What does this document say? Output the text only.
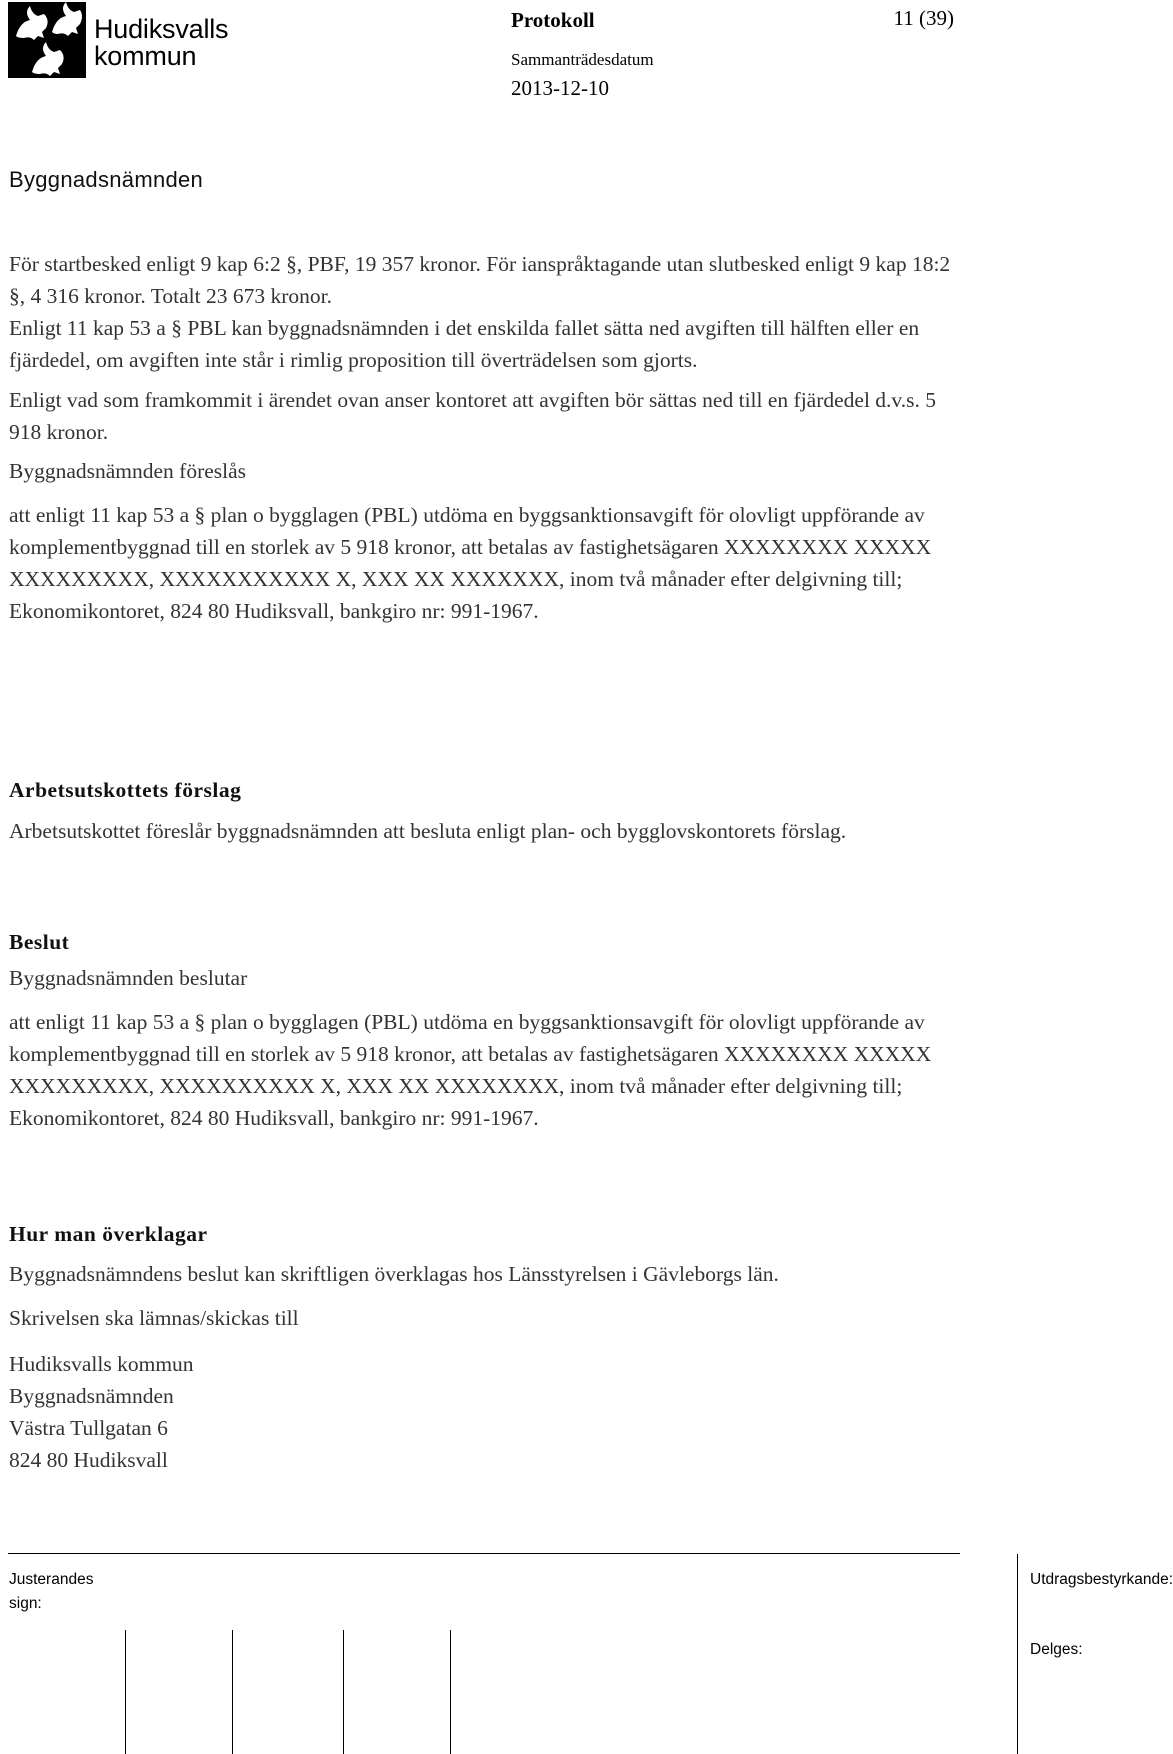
Hudiksvalls
kommun
Protokoll	11 (39)
Sammanträdesdatum
2013-12-10
Byggnadsnämnden

För startbesked enligt 9 kap 6:2 §, PBF, 19 357 kronor. För ianspråktagande utan slutbesked enligt 9 kap 18:2 §, 4 316 kronor. Totalt 23 673 kronor.

Enligt 11 kap 53 a § PBL kan byggnadsnämnden i det enskilda fallet sätta ned avgiften till hälften eller en fjärdedel, om avgiften inte står i rimlig proposition till överträdelsen som gjorts.

Enligt vad som framkommit i ärendet ovan anser kontoret att avgiften bör sättas ned till en fjärdedel d.v.s. 5 918 kronor.

Byggnadsnämnden föreslås

att enligt 11 kap 53 a § plan o bygglagen (PBL) utdöma en byggsanktionsavgift för olovligt uppförande av komplementbyggnad till en storlek av 5 918 kronor, att betalas av fastighetsägaren XXXXXXXX XXXXX XXXXXXXXX, XXXXXXXXXXX X, XXX XX XXXXXXX, inom två månader efter delgivning till; Ekonomikontoret, 824 80 Hudiksvall, bankgiro nr: 991-1967.

Arbetsutskottets förslag

Arbetsutskottet föreslår byggnadsnämnden att besluta enligt plan- och bygglovskontorets förslag.

Beslut

Byggnadsnämnden beslutar

att enligt 11 kap 53 a § plan o bygglagen (PBL) utdöma en byggsanktionsavgift för olovligt uppförande av komplementbyggnad till en storlek av 5 918 kronor, att betalas av fastighetsägaren XXXXXXXX XXXXX XXXXXXXXX, XXXXXXXXXX X, XXX XX XXXXXXXX, inom två månader efter delgivning till; Ekonomikontoret, 824 80 Hudiksvall, bankgiro nr: 991-1967.

Hur man överklagar

Byggnadsnämndens beslut kan skriftligen överklagas hos Länsstyrelsen i Gävleborgs län.

Skrivelsen ska lämnas/skickas till

Hudiksvalls kommun
Byggnadsnämnden
Västra Tullgatan 6
824 80 Hudiksvall
Justerandes sign:
Utdragsbestyrkande:
Delges:
